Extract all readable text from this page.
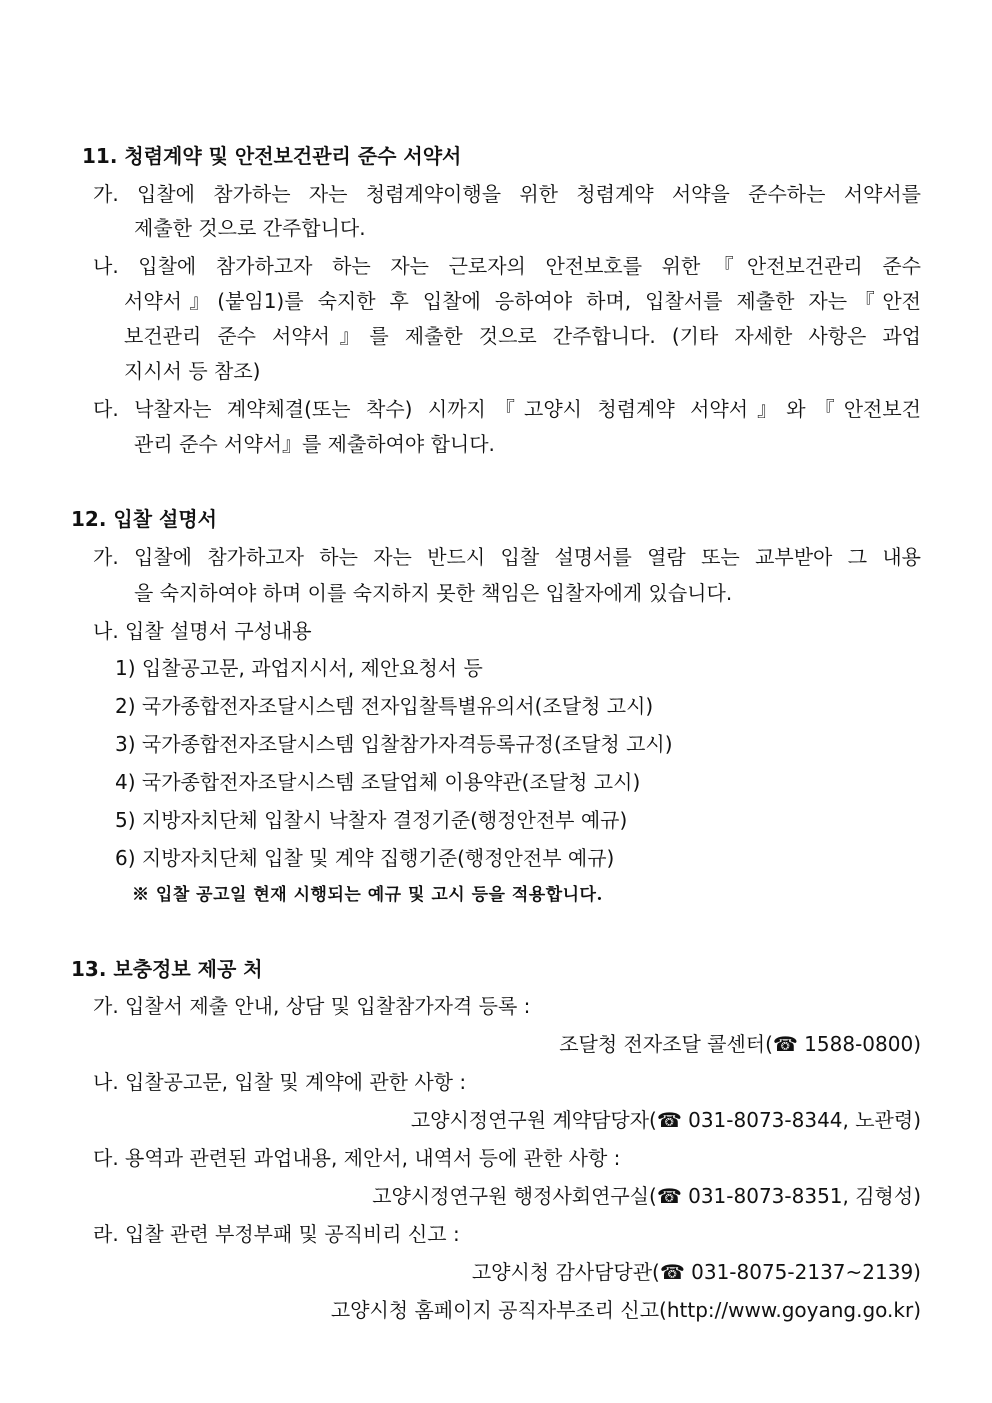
11. 청렴계약 및 안전보건관리 준수 서약서
가. 입찰에 참가하는 자는 청렴계약이행을 위한 청렴계약 서약을 준수하는 서약서를
제출한 것으로 간주합니다.
나. 입찰에 참가하고자 하는 자는 근로자의 안전보호를 위한『안전보건관리 준수
서약서』(붙임1)를 숙지한 후 입찰에 응하여야 하며, 입찰서를 제출한 자는『안전
보건관리 준수 서약서』를 제출한 것으로 간주합니다. (기타 자세한 사항은 과업
지시서 등 참조)
다. 낙찰자는 계약체결(또는 착수) 시까지『고양시 청렴계약 서약서』와『안전보건
관리 준수 서약서』를 제출하여야 합니다.
12. 입찰 설명서
가. 입찰에 참가하고자 하는 자는 반드시 입찰 설명서를 열람 또는 교부받아 그 내용
을 숙지하여야 하며 이를 숙지하지 못한 책임은 입찰자에게 있습니다.
나. 입찰 설명서 구성내용
1) 입찰공고문, 과업지시서, 제안요청서 등
2) 국가종합전자조달시스템 전자입찰특별유의서(조달청 고시)
3) 국가종합전자조달시스템 입찰참가자격등록규정(조달청 고시)
4) 국가종합전자조달시스템 조달업체 이용약관(조달청 고시)
5) 지방자치단체 입찰시 낙찰자 결정기준(행정안전부 예규)
6) 지방자치단체 입찰 및 계약 집행기준(행정안전부 예규)
※ 입찰 공고일 현재 시행되는 예규 및 고시 등을 적용합니다.
13. 보충정보 제공 처
가. 입찰서 제출 안내, 상담 및 입찰참가자격 등록 :
조달청 전자조달 콜센터(☎ 1588-0800)
나. 입찰공고문, 입찰 및 계약에 관한 사항 :
고양시정연구원 계약담당자(☎ 031-8073-8344, 노관령)
다. 용역과 관련된 과업내용, 제안서, 내역서 등에 관한 사항 :
고양시정연구원 행정사회연구실(☎ 031-8073-8351, 김형성)
라. 입찰 관련 부정부패 및 공직비리 신고 :
고양시청 감사담당관(☎ 031-8075-2137~2139)
고양시청 홈페이지 공직자부조리 신고(http://www.goyang.go.kr)
